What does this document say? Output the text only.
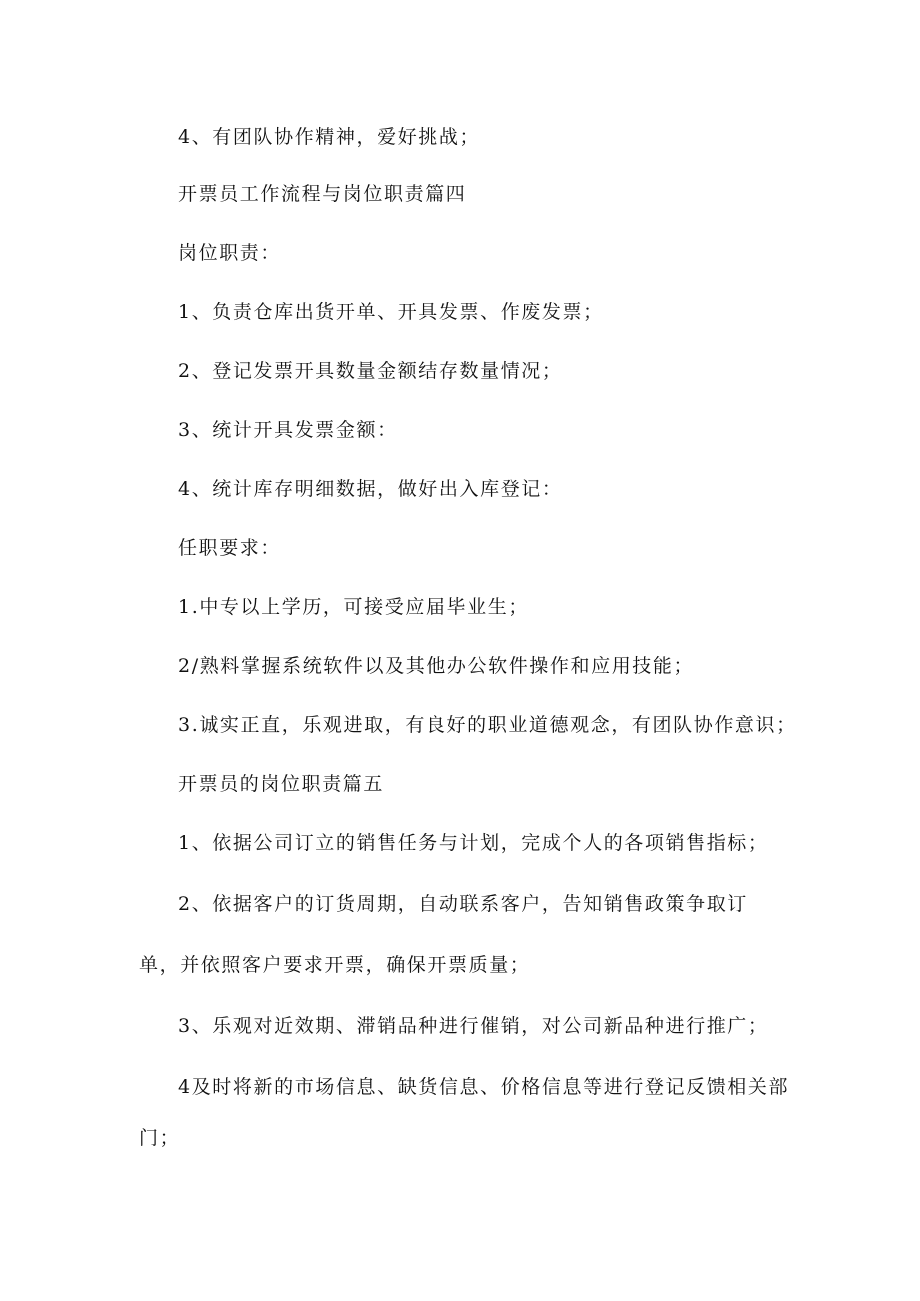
4、有团队协作精神，爱好挑战；
开票员工作流程与岗位职责篇四
岗位职责：
1、负责仓库出货开单、开具发票、作废发票；
2、登记发票开具数量金额结存数量情况；
3、统计开具发票金额：
4、统计库存明细数据，做好出入库登记：
任职要求：
1.中专以上学历，可接受应届毕业生；
2/熟料掌握系统软件以及其他办公软件操作和应用技能；
3.诚实正直，乐观进取，有良好的职业道德观念，有团队协作意识；
开票员的岗位职责篇五
1、依据公司订立的销售任务与计划，完成个人的各项销售指标；
2、依据客户的订货周期，自动联系客户，告知销售政策争取订
单，并依照客户要求开票，确保开票质量；
3、乐观对近效期、滞销品种进行催销，对公司新品种进行推广；
4及时将新的市场信息、缺货信息、价格信息等进行登记反馈相关部
门；
